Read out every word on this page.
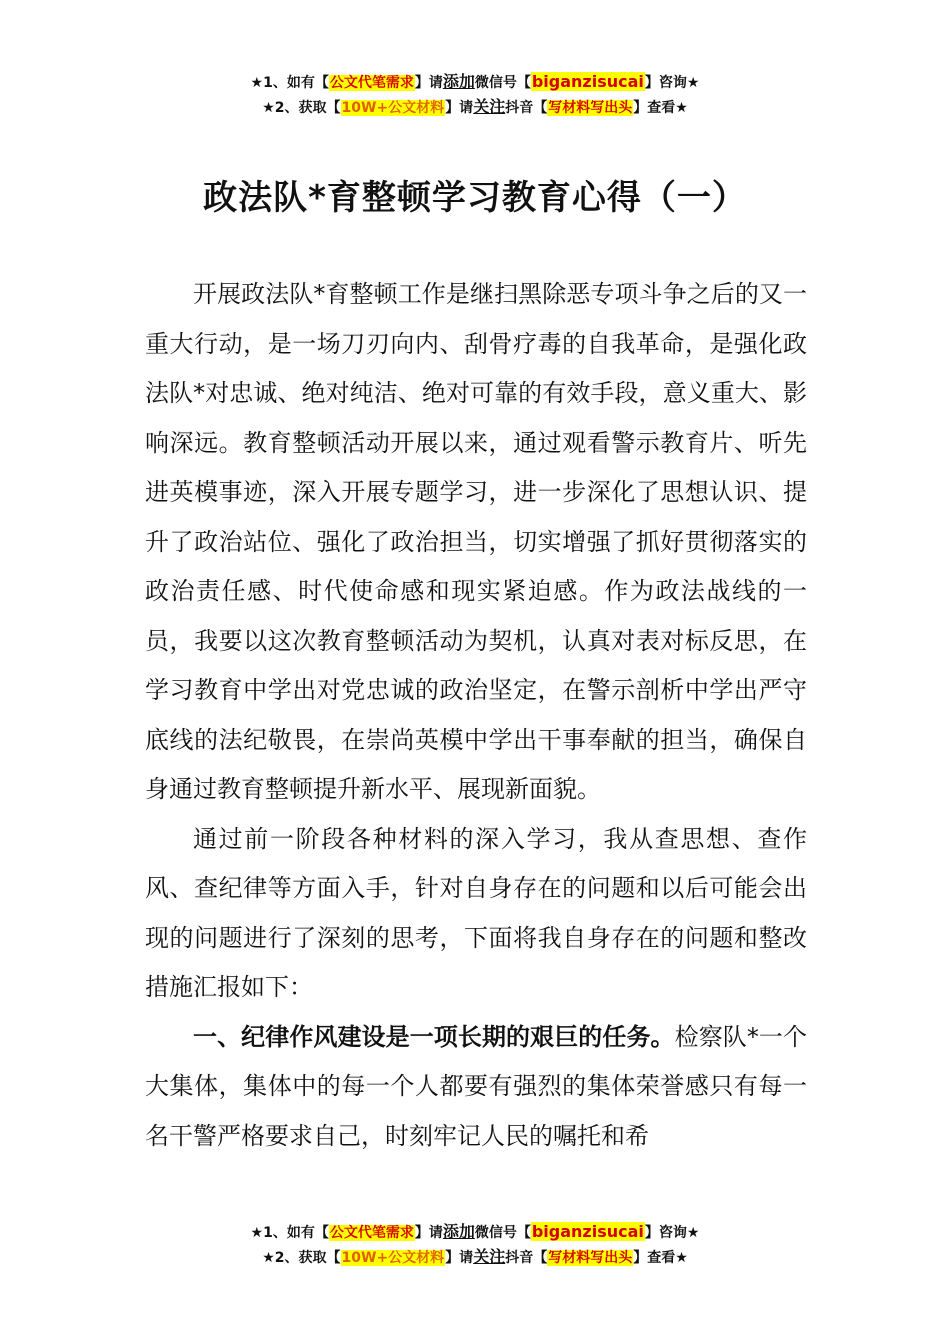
★1、如有【公文代笔需求】请添加微信号【biganzisucai】咨询★
★2、获取【10W+公文材料】请关注抖音【写材料写出头】查看★
政法队*育整顿学习教育心得（一）

开展政法队*育整顿工作是继扫黑除恶专项斗争之后的又一重大行动，是一场刀刃向内、刮骨疗毒的自我革命，是强化政法队*对忠诚、绝对纯洁、绝对可靠的有效手段，意义重大、影响深远。教育整顿活动开展以来，通过观看警示教育片、听先进英模事迹，深入开展专题学习，进一步深化了思想认识、提升了政治站位、强化了政治担当，切实增强了抓好贯彻落实的政治责任感、时代使命感和现实紧迫感。作为政法战线的一员，我要以这次教育整顿活动为契机，认真对表对标反思，在学习教育中学出对党忠诚的政治坚定，在警示剖析中学出严守底线的法纪敬畏，在崇尚英模中学出干事奉献的担当，确保自身通过教育整顿提升新水平、展现新面貌。

通过前一阶段各种材料的深入学习，我从查思想、查作风、查纪律等方面入手，针对自身存在的问题和以后可能会出现的问题进行了深刻的思考，下面将我自身存在的问题和整改措施汇报如下：

一、纪律作风建设是一项长期的艰巨的任务。检察队*一个大集体，集体中的每一个人都要有强烈的集体荣誉感只有每一名干警严格要求自己，时刻牢记人民的嘱托和希

★1、如有【公文代笔需求】请添加微信号【biganzisucai】咨询★
★2、获取【10W+公文材料】请关注抖音【写材料写出头】查看★
